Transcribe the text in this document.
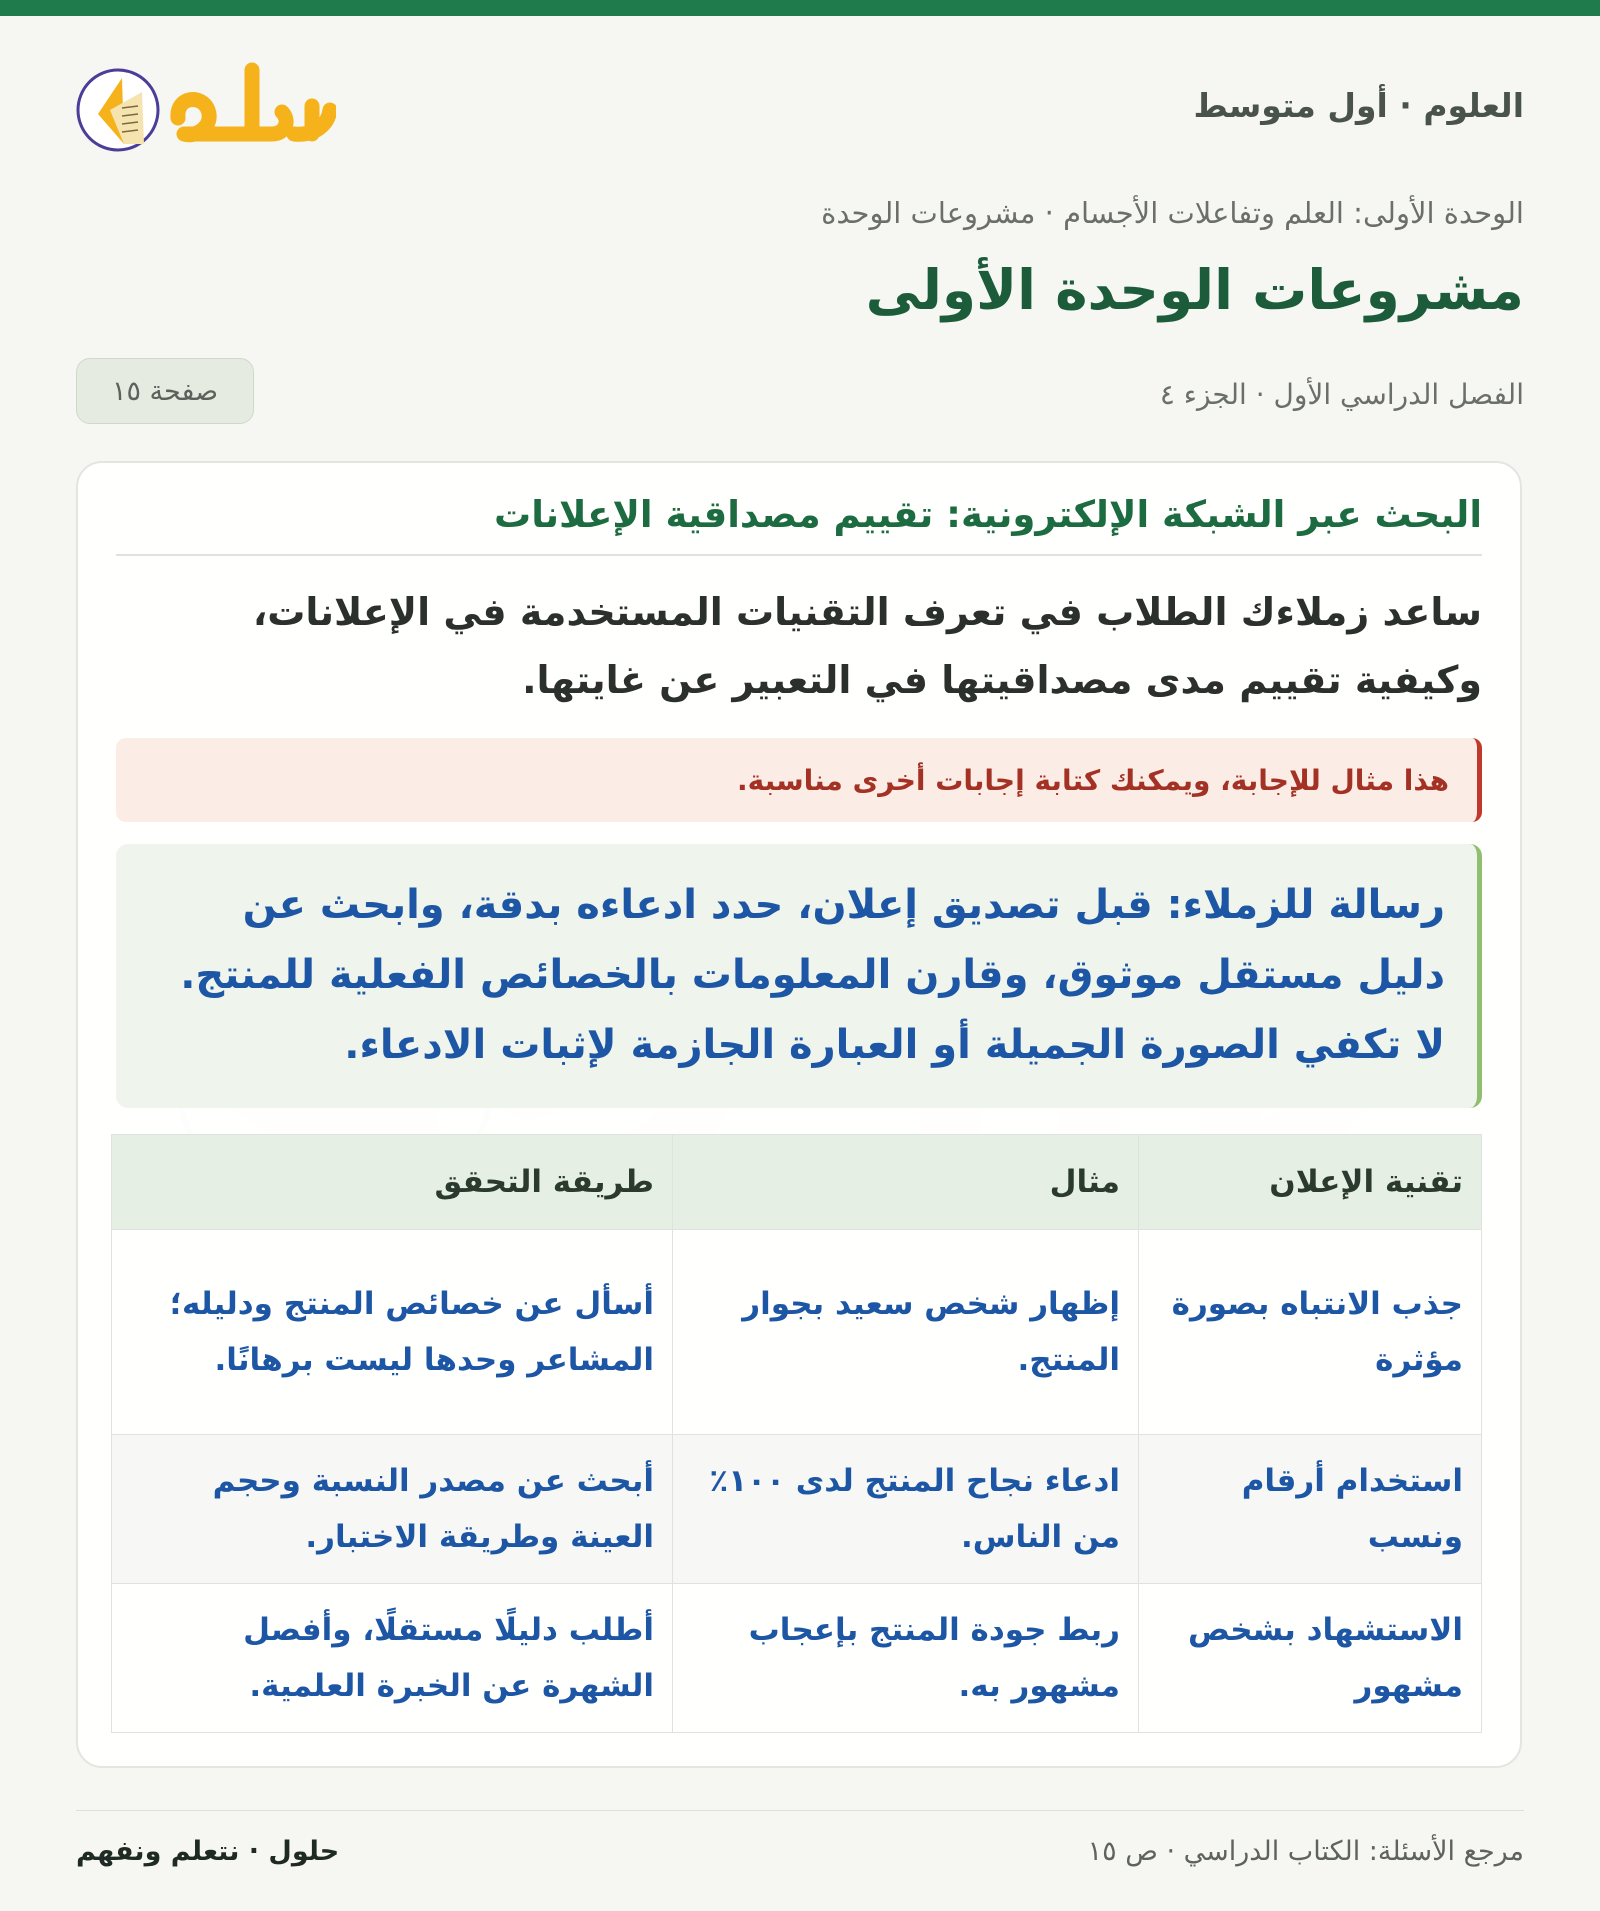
العلوم · أول متوسط
الوحدة الأولى: العلم وتفاعلات الأجسام · مشروعات الوحدة
مشروعات الوحدة الأولى
الفصل الدراسي الأول · الجزء ٤
صفحة ١٥
البحث عبر الشبكة الإلكترونية: تقييم مصداقية الإعلانات
ساعد زملاءك الطلاب في تعرف التقنيات المستخدمة في الإعلانات، وكيفية تقييم مدى مصداقيتها في التعبير عن غايتها.
هذا مثال للإجابة، ويمكنك كتابة إجابات أخرى مناسبة.
رسالة للزملاء: قبل تصديق إعلان، حدد ادعاءه بدقة، وابحث عن دليل مستقل موثوق، وقارن المعلومات بالخصائص الفعلية للمنتج. لا تكفي الصورة الجميلة أو العبارة الجازمة لإثبات الادعاء.
تقنية الإعلان	مثال	طريقة التحقق
جذب الانتباه بصورة مؤثرة	إظهار شخص سعيد بجوار المنتج.	أسأل عن خصائص المنتج ودليله؛ المشاعر وحدها ليست برهانًا.
استخدام أرقام ونسب	ادعاء نجاح المنتج لدى ١٠٠٪ من الناس.	أبحث عن مصدر النسبة وحجم العينة وطريقة الاختبار.
الاستشهاد بشخص مشهور	ربط جودة المنتج بإعجاب مشهور به.	أطلب دليلًا مستقلًا، وأفصل الشهرة عن الخبرة العلمية.
مرجع الأسئلة: الكتاب الدراسي · ص ١٥
حلول · نتعلم ونفهم
